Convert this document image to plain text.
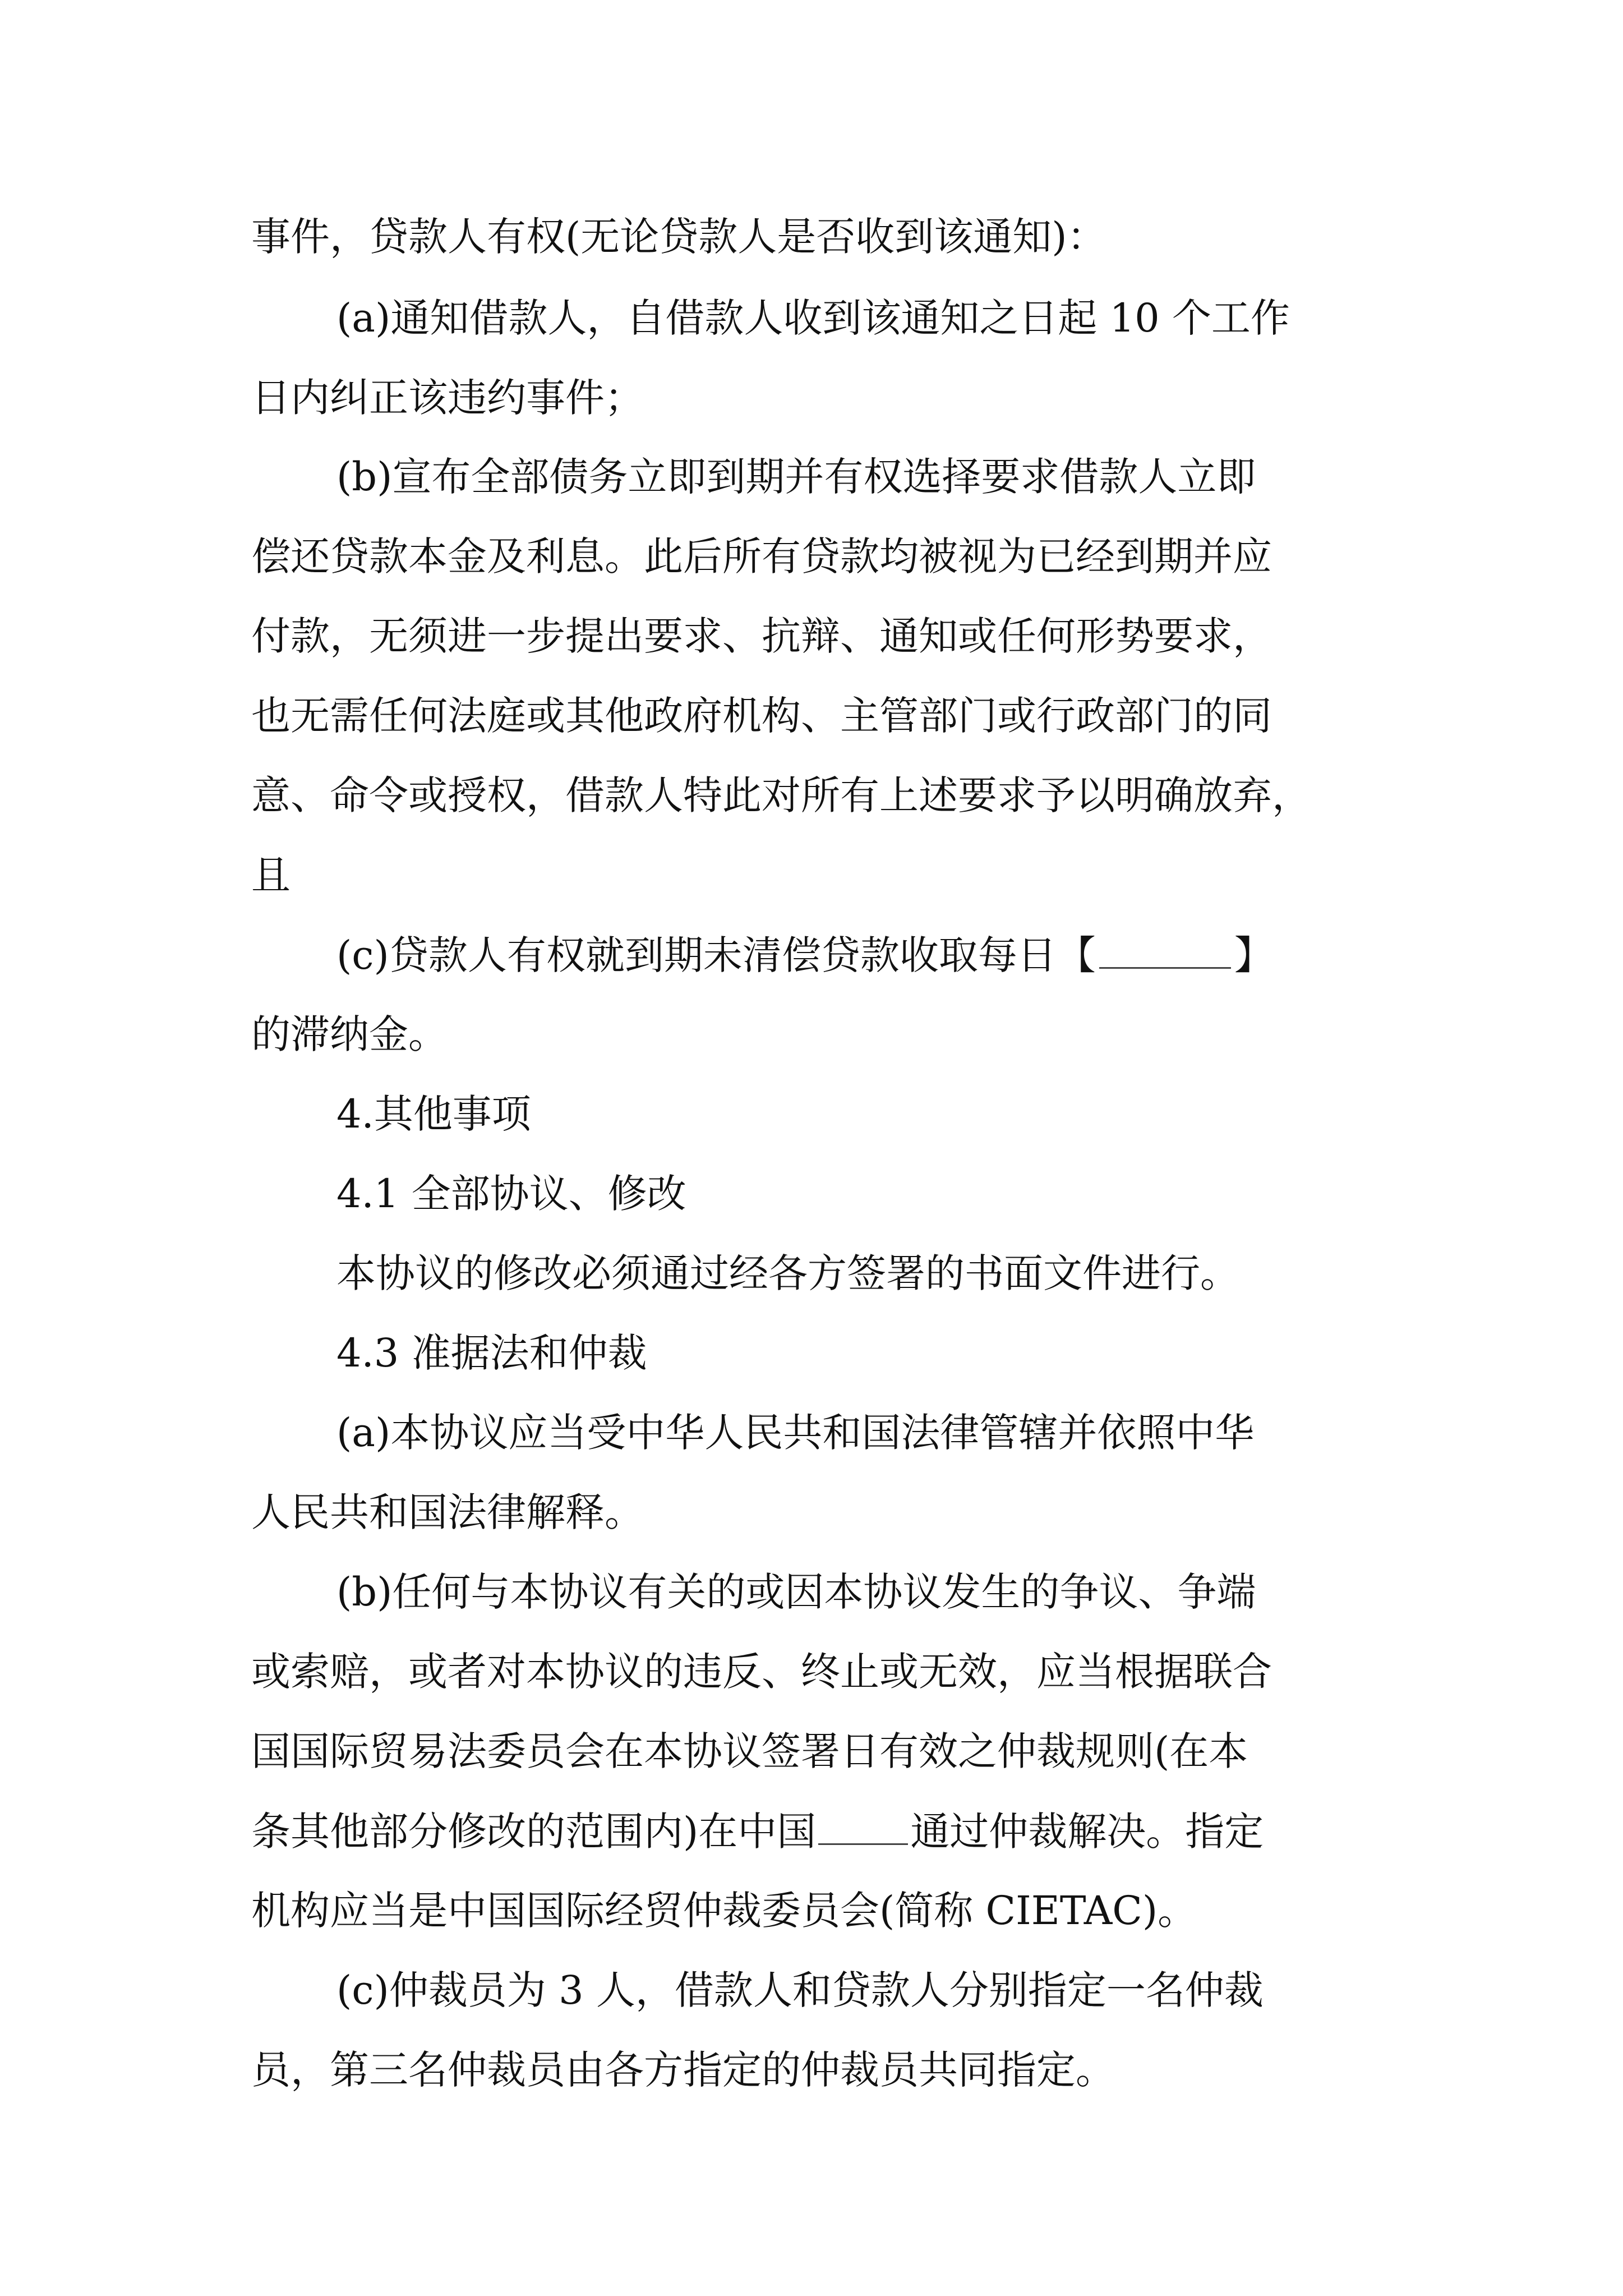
事件，贷款人有权(无论贷款人是否收到该通知)：
(a)通知借款人，自借款人收到该通知之日起 10 个工作
日内纠正该违约事件；
(b)宣布全部债务立即到期并有权选择要求借款人立即
偿还贷款本金及利息。此后所有贷款均被视为已经到期并应
付款，无须进一步提出要求、抗辩、通知或任何形势要求，
也无需任何法庭或其他政府机构、主管部门或行政部门的同
意、命令或授权，借款人特此对所有上述要求予以明确放弃，
且
(c)贷款人有权就到期未清偿贷款收取每日【	】
的滞纳金。
4.其他事项
4.1 全部协议、修改
本协议的修改必须通过经各方签署的书面文件进行。
4.3 准据法和仲裁
(a)本协议应当受中华人民共和国法律管辖并依照中华
人民共和国法律解释。
(b)任何与本协议有关的或因本协议发生的争议、争端
或索赔，或者对本协议的违反、终止或无效，应当根据联合
国国际贸易法委员会在本协议签署日有效之仲裁规则(在本
条其他部分修改的范围内)在中国 通过仲裁解决。指定
机构应当是中国国际经贸仲裁委员会(简称 CIETAC)。
(c)仲裁员为 3 人，借款人和贷款人分别指定一名仲裁
员，第三名仲裁员由各方指定的仲裁员共同指定。
